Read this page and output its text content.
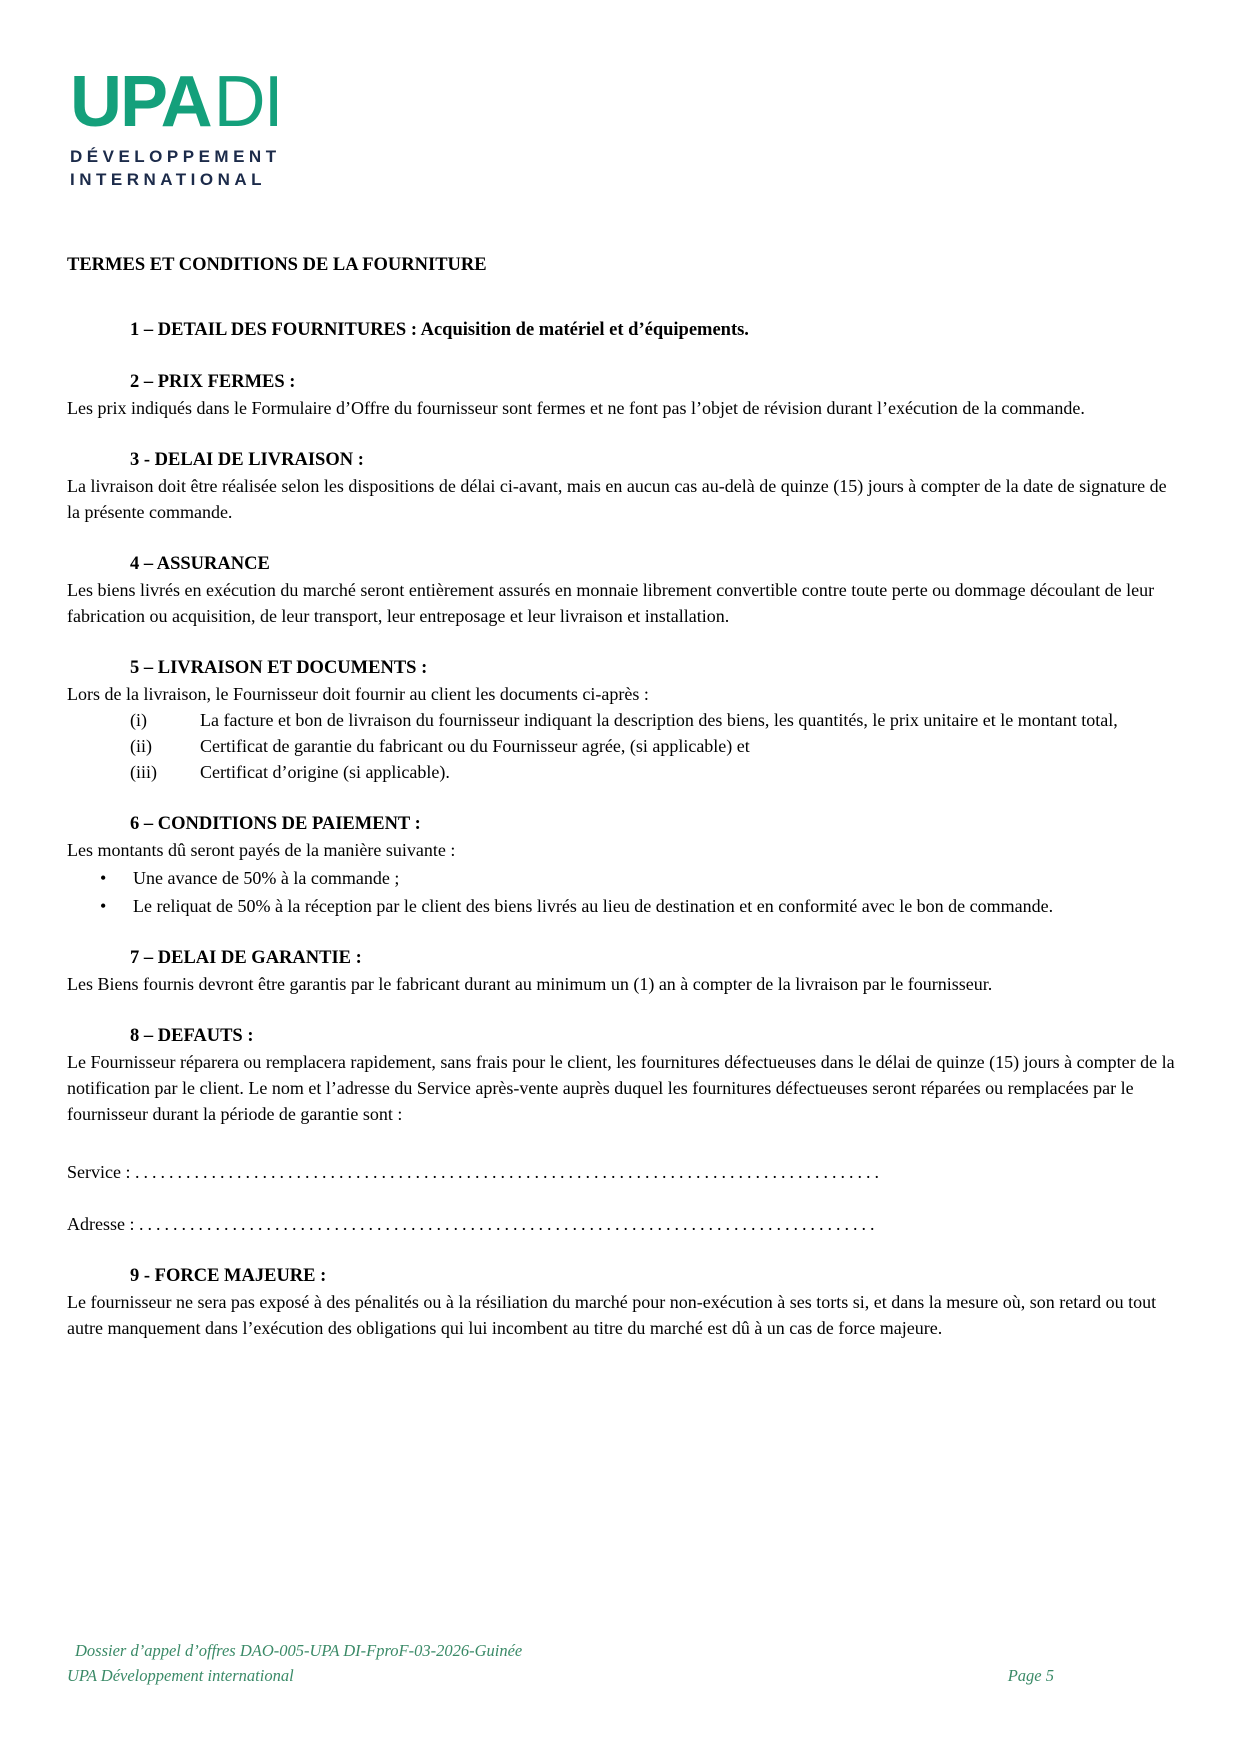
UPADI
DÉVELOPPEMENT
INTERNATIONAL
TERMES ET CONDITIONS DE LA FOURNITURE
1 – DETAIL DES FOURNITURES : Acquisition de matériel et d’équipements.
2 – PRIX FERMES :

Les prix indiqués dans le Formulaire d’Offre du fournisseur sont fermes et ne font pas l’objet de révision durant l’exécution de la commande.

3 - DELAI DE LIVRAISON :

La livraison doit être réalisée selon les dispositions de délai ci-avant, mais en aucun cas au-delà de quinze (15) jours à compter de la date de signature de la présente commande.

4 – ASSURANCE

Les biens livrés en exécution du marché seront entièrement assurés en monnaie librement convertible contre toute perte ou dommage découlant de leur fabrication ou acquisition, de leur transport, leur entreposage et leur livraison et installation.

5 – LIVRAISON ET DOCUMENTS :

Lors de la livraison, le Fournisseur doit fournir au client les documents ci-après :

(i)	La facture et bon de livraison du fournisseur indiquant la description des biens, les quantités, le prix unitaire et le montant total,
(ii)	Certificat de garantie du fabricant ou du Fournisseur agrée, (si applicable) et
(iii)	Certificat d’origine (si applicable).
6 – CONDITIONS DE PAIEMENT :

Les montants dû seront payés de la manière suivante :

•	Une avance de 50% à la commande ;
•	Le reliquat de 50% à la réception par le client des biens livrés au lieu de destination et en conformité avec le bon de commande.
7 – DELAI DE GARANTIE :

Les Biens fournis devront être garantis par le fabricant durant au minimum un (1) an à compter de la livraison par le fournisseur.

8 – DEFAUTS :

Le Fournisseur réparera ou remplacera rapidement, sans frais pour le client, les fournitures défectueuses dans le délai de quinze (15) jours à compter de la notification par le client. Le nom et l’adresse du Service après-vente auprès duquel les fournitures défectueuses seront réparées ou remplacées par le fournisseur durant la période de garantie sont :

Service : ........................................................................................
Adresse : .......................................................................................
9 - FORCE MAJEURE :

Le fournisseur ne sera pas exposé à des pénalités ou à la résiliation du marché pour non-exécution à ses torts si, et dans la mesure où, son retard ou tout autre manquement dans l’exécution des obligations qui lui incombent au titre du marché est dû à un cas de force majeure.

Dossier d’appel d’offres DAO-005-UPA DI-FproF-03-2026-Guinée
UPA Développement international	Page 5
